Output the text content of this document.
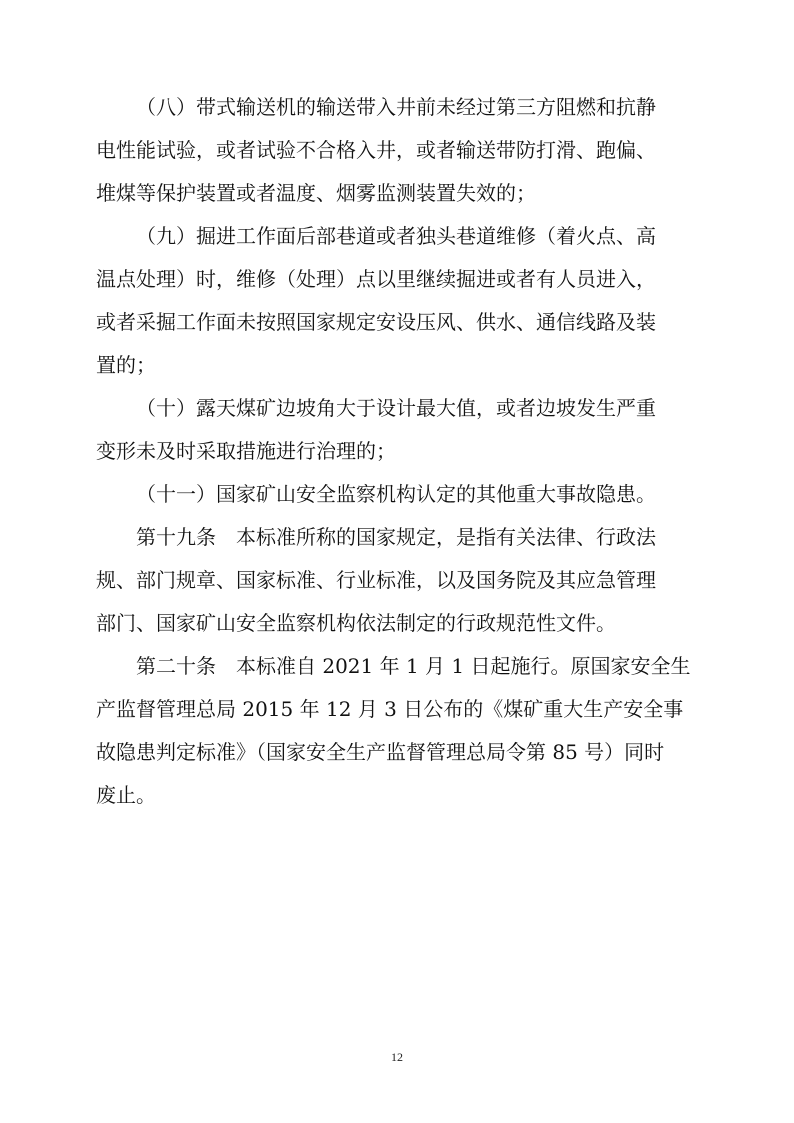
（八）带式输送机的输送带入井前未经过第三方阻燃和抗静
电性能试验，或者试验不合格入井，或者输送带防打滑、跑偏、
堆煤等保护装置或者温度、烟雾监测装置失效的；
（九）掘进工作面后部巷道或者独头巷道维修（着火点、高
温点处理）时，维修（处理）点以里继续掘进或者有人员进入，
或者采掘工作面未按照国家规定安设压风、供水、通信线路及装
置的；
（十）露天煤矿边坡角大于设计最大值，或者边坡发生严重
变形未及时采取措施进行治理的；
（十一）国家矿山安全监察机构认定的其他重大事故隐患。
第十九条　本标准所称的国家规定，是指有关法律、行政法
规、部门规章、国家标准、行业标准，以及国务院及其应急管理
部门、国家矿山安全监察机构依法制定的行政规范性文件。
第二十条　本标准自 2021 年 1 月 1 日起施行。原国家安全生
产监督管理总局 2015 年 12 月 3 日公布的《煤矿重大生产安全事
故隐患判定标准》（国家安全生产监督管理总局令第 85 号）同时
废止。
12
